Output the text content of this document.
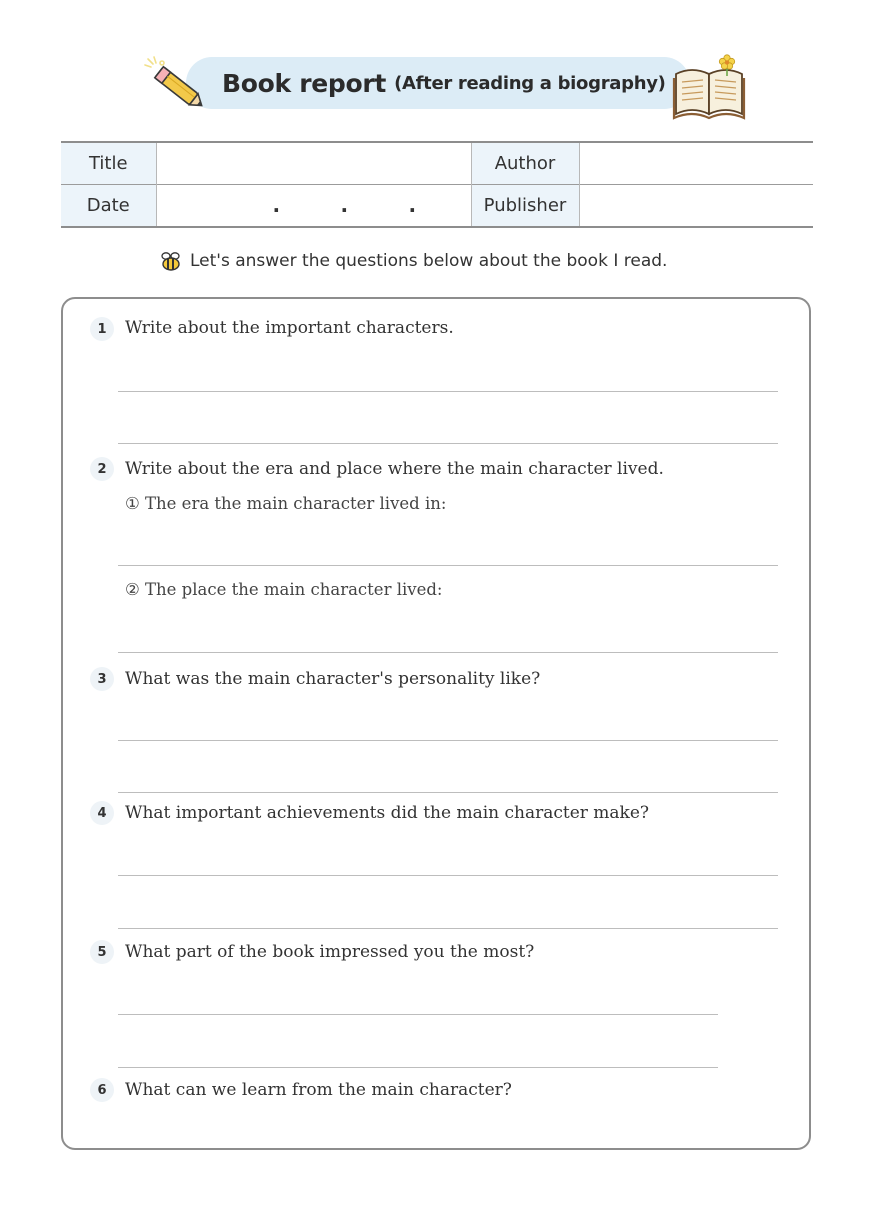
Book report (After reading a biography)
Title		Author	
Date	. . .	Publisher	
Let's answer the questions below about the book I read.
1	Write about the important characters.
2	Write about the era and place where the main character lived.
① The era the main character lived in:
② The place the main character lived:
3	What was the main character's personality like?
4	What important achievements did the main character make?
5	What part of the book impressed you the most?
6	What can we learn from the main character?
